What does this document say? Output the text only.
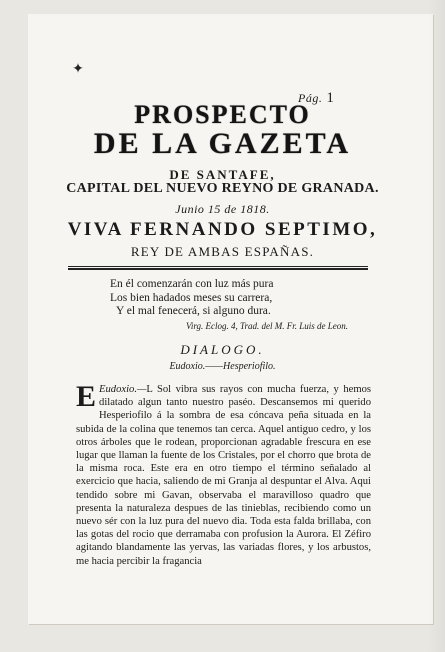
✦
Pág. 1
PROSPECTO
DE LA GAZETA
DE SANTAFE,
CAPITAL DEL NUEVO REYNO DE GRANADA.
Junio 15 de 1818.
VIVA FERNANDO SEPTIMO,
REY DE AMBAS ESPAÑAS.
En él comenzarán con luz más pura
Los bien hadados meses su carrera,
Y el mal fenecerá, si alguno dura.
Virg. Eclog. 4, Trad. del M. Fr. Luis de Leon.
DIALOGO.
Eudoxio.——Hesperiofilo.
Eudoxio.—
E	L Sol vibra sus rayos con mucha fuerza, y hemos dilatado algun tanto nuestro paséo. Descansemos mi querido Hesperiofilo á la sombra de esa cóncava peña situada en la subida de la colina que tenemos tan cerca. Aquel antiguo cedro, y los otros árboles que le rodean, proporcionan agradable frescura en ese lugar que llaman la fuente de los Cristales, por el chorro que brota de la misma roca. Este era en otro tiempo el término señalado al exercicio que hacia, saliendo de mi Granja al despuntar el Alva. Aqui tendido sobre mi Gavan, observaba el maravilloso quadro que presenta la naturaleza despues de las tinieblas, recibiendo como un nuevo sér con la luz pura del nuevo dia. Toda esta falda brillaba, con las gotas del rocio que derramaba con profusion la Aurora. El Zéfiro agitando blandamente las yervas, las variadas flores, y los arbustos, me hacia percibir la fragancia
